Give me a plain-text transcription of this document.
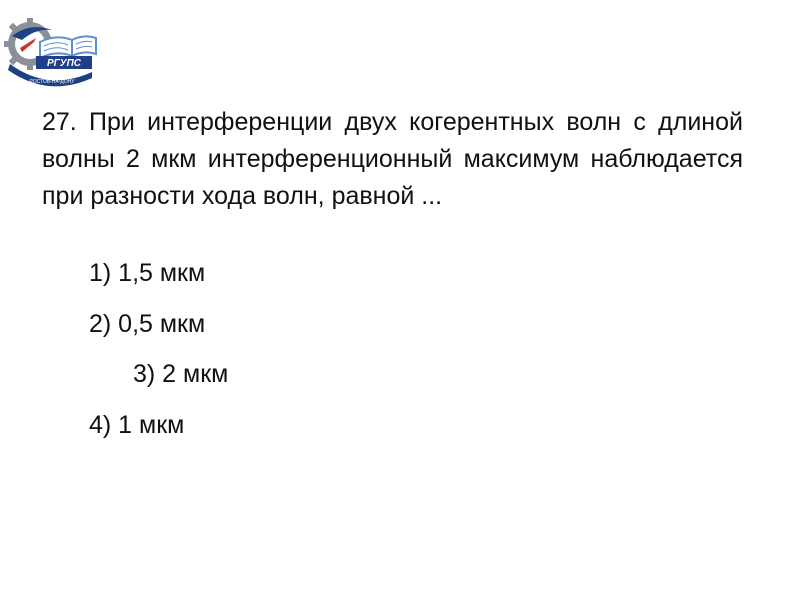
РГУПС
РОСТОВ-НА-ДОНУ

27. При интерференции двух когерентных волн с длиной волны 2 мкм интерференционный максимум наблюдается при разности хода волн, равной ...

1) 1,5 мкм
2) 0,5 мкм
3) 2 мкм
4) 1 мкм
